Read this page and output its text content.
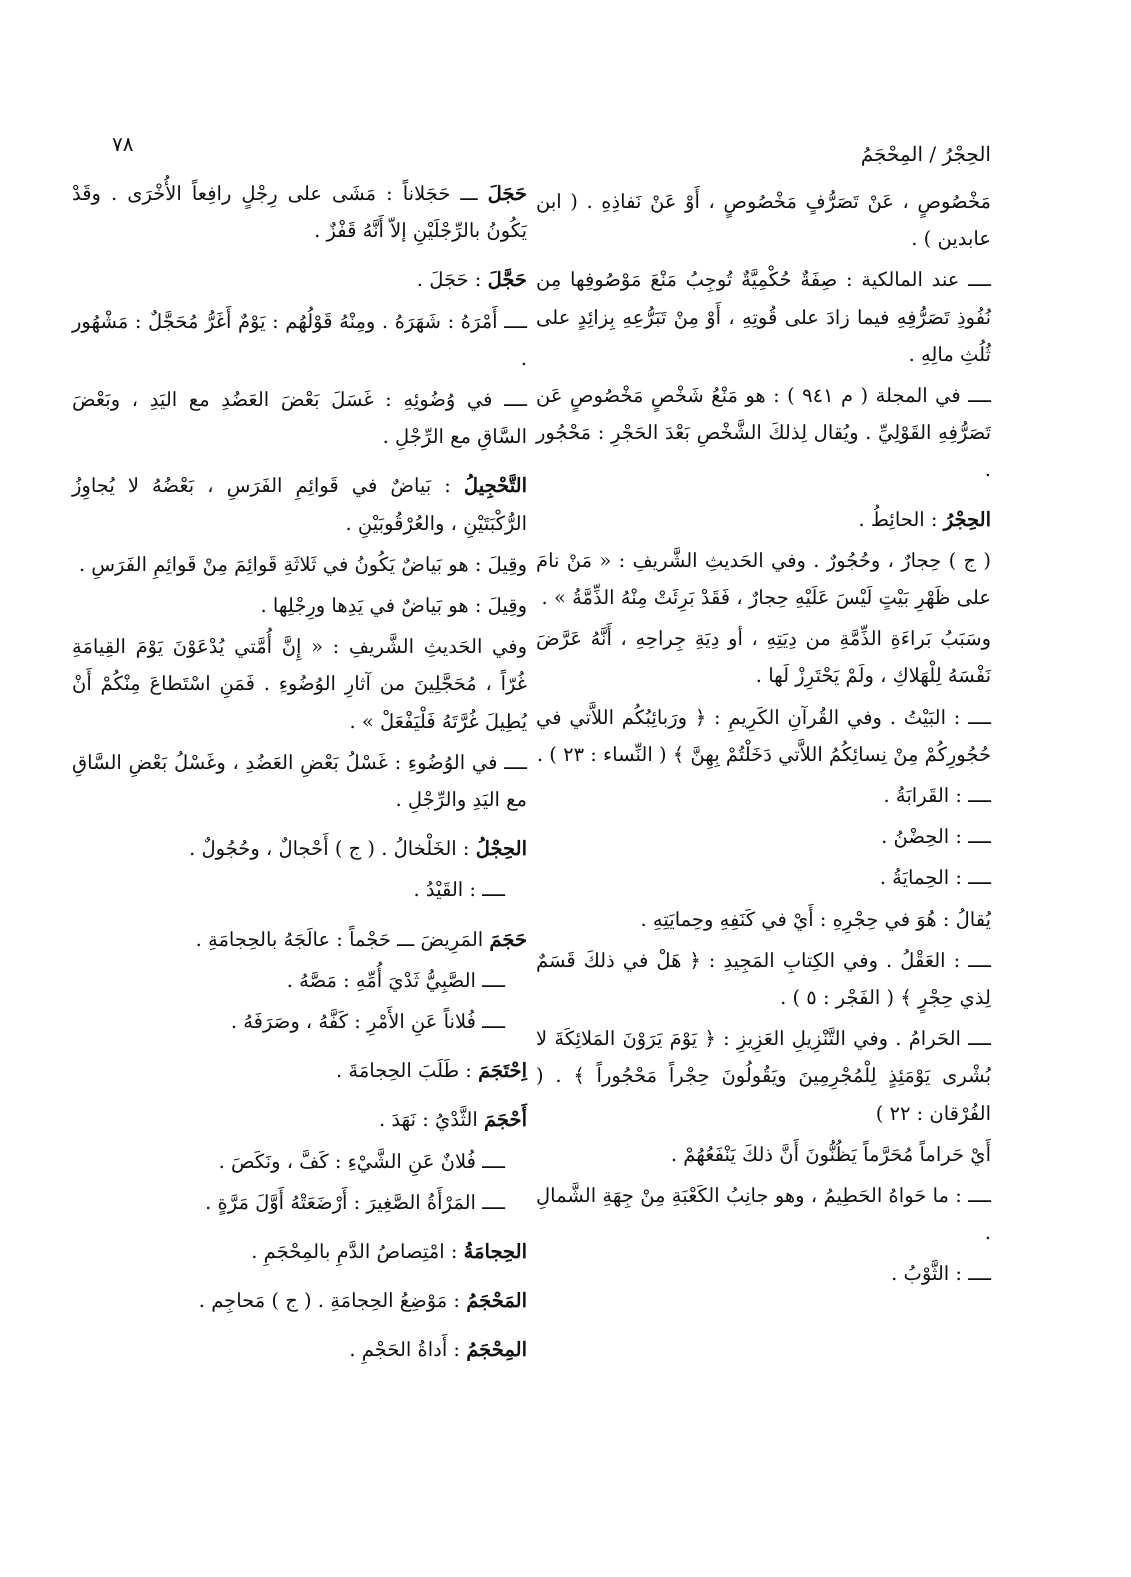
٧٨	الحِجْرُ / المِحْجَمُ

مَخْصُوصٍ ، عَنْ تَصَرُّفٍ مَخْصُوصٍ ، أَوْ عَنْ نَفاذِهِ . ( ابن عابدين ) .

ــــ عند المالكية : صِفَةٌ حُكْمِيَّةٌ تُوجِبُ مَنْعَ مَوْصُوفِها مِن نُفُوذِ تَصَرُّفِهِ فيما زادَ على قُوتِهِ ، أَوْ مِنْ تَبَرُّعِهِ بِزائِدٍ على ثُلُثِ مالِهِ .

ــــ في المجلة ( م ٩٤١ ) : هو مَنْعُ شَخْصٍ مَخْصُوصٍ عَن تَصَرُّفِهِ القَوْلِيِّ . ويُقال لِذلكَ الشَّخْصِ بَعْدَ الحَجْرِ : مَحْجُور .

الحِجْرُ : الحائِطُ .

( ج ) حِجارٌ ، وحُجُورٌ . وفي الحَديثِ الشَّريفِ : « مَنْ نامَ على ظَهْرِ بَيْتٍ لَيْسَ عَلَيْهِ حِجارٌ ، فَقَدْ بَرِئَتْ مِنْهُ الذِّمَّةُ » .

وسَبَبُ بَراءَةِ الذِّمَّةِ من دِيَتِهِ ، أو دِيَةِ جِراحِهِ ، أَنَّهُ عَرَّضَ نَفْسَهُ لِلْهَلاكِ ، ولَمْ يَحْتَرِزْ لَها .

ــــ : البَيْتُ . وفي القُرآنِ الكَرِيمِ : ﴿ ورَبائِبُكُم اللاَّتي في حُجُورِكُمْ مِنْ نِسائِكُمُ اللاَّتي دَخَلْتُمْ بِهِنَّ ﴾ ( النِّساء : ٢٣ ) .

ــــ : القَرابَةُ .

ــــ : الحِضْنُ .

ــــ : الحِمايَةُ .

يُقالُ : هُوَ في حِجْرِهِ : أَيْ في كَنَفِهِ وحِمايَتِهِ .

ــــ : العَقْلُ . وفي الكِتابِ المَجِيدِ : ﴿ هَلْ في ذلكَ قَسَمٌ لِذي حِجْرٍ ﴾ ( الفَجْر : ٥ ) .

ــــ الحَرامُ . وفي التَّنْزِيلِ العَزِيزِ : ﴿ يَوْمَ يَرَوْنَ المَلائِكَةَ لا بُشْرى يَوْمَئِذٍ لِلْمُجْرِمِينَ ويَقُولُونَ حِجْراً مَحْجُوراً ﴾ . ( الفُرْقان : ٢٢ )

أَيْ حَراماً مُحَرَّماً يَظُنُّونَ أَنَّ ذلكَ يَنْفَعُهُمْ .

ــــ : ما حَواهُ الحَطِيمُ ، وهو جانِبُ الكَعْبَةِ مِنْ جِهَةِ الشَّمالِ .

ــــ : الثَّوْبُ .

حَجَلَ ـــ حَجَلاناً : مَشَى على رِجْلٍ رافِعاً الأُخْرَى . وقَدْ يَكُونُ بالرِّجْلَيْنِ إلاّ أَنَّهُ قَفْزٌ .

حَجَّلَ : حَجَلَ .

ــــ أَمْرَهُ : شَهَرَهُ . ومِنْهُ قَوْلُهُم : يَوْمٌ أَغَرُّ مُحَجَّلٌ : مَشْهُور .

ــــ في وُضُوئِهِ : غَسَلَ بَعْضَ العَضُدِ مع اليَدِ ، وبَعْضَ السَّاقِ مع الرِّجْلِ .

التَّحْجِيلُ : بَياضٌ في قَوائِمِ الفَرَسِ ، بَعْضُهُ لا يُجاوِزُ الرُّكْبَتَيْنِ ، والعُرْقُوبَيْنِ .

وقِيلَ : هو بَياضٌ يَكُونُ في ثَلاثَةِ قَوائِمَ مِنْ قَوائِمِ الفَرَسِ .

وقِيلَ : هو بَياضٌ في يَدِها ورِجْلِها .

وفي الحَديثِ الشَّريفِ : « إِنَّ أُمَّتي يُدْعَوْنَ يَوْمَ القِيامَةِ غُرّاً ، مُحَجَّلِينَ من آثارِ الوُضُوءِ . فَمَنِ اسْتَطاعَ مِنْكُمْ أَنْ يُطِيلَ غُرَّتَهُ فَلْيَفْعَلْ » .

ــــ في الوُضُوءِ : غَسْلُ بَعْضِ العَضُدِ ، وغَسْلُ بَعْضِ السَّاقِ مع اليَدِ والرِّجْلِ .

الحِجْلُ : الخَلْخالُ . ( ج ) أَحْجالٌ ، وحُجُولٌ .

ــــ : القَيْدُ .

حَجَمَ المَرِيضَ ـــ حَجْماً : عالَجَهُ بالحِجامَةِ .

ــــ الصَّبِيُّ ثَدْيَ أُمِّهِ : مَصَّهُ .

ــــ فُلاناً عَنِ الأَمْرِ : كَفَّهُ ، وصَرَفَهُ .

اِحْتَجَمَ : طَلَبَ الحِجامَةَ .

أَحْجَمَ الثَّدْيُ : نَهَدَ .

ــــ فُلانٌ عَنِ الشَّيْءِ : كَفَّ ، ونَكَصَ .

ــــ المَرْأَةُ الصَّغِيرَ : أَرْضَعَتْهُ أَوَّلَ مَرَّةٍ .

الحِجامَةُ : امْتِصاصُ الدَّمِ بالمِحْجَمِ .

المَحْجَمُ : مَوْضِعُ الحِجامَةِ . ( ج ) مَحاجِم .

المِحْجَمُ : أَداةُ الحَجْمِ .
